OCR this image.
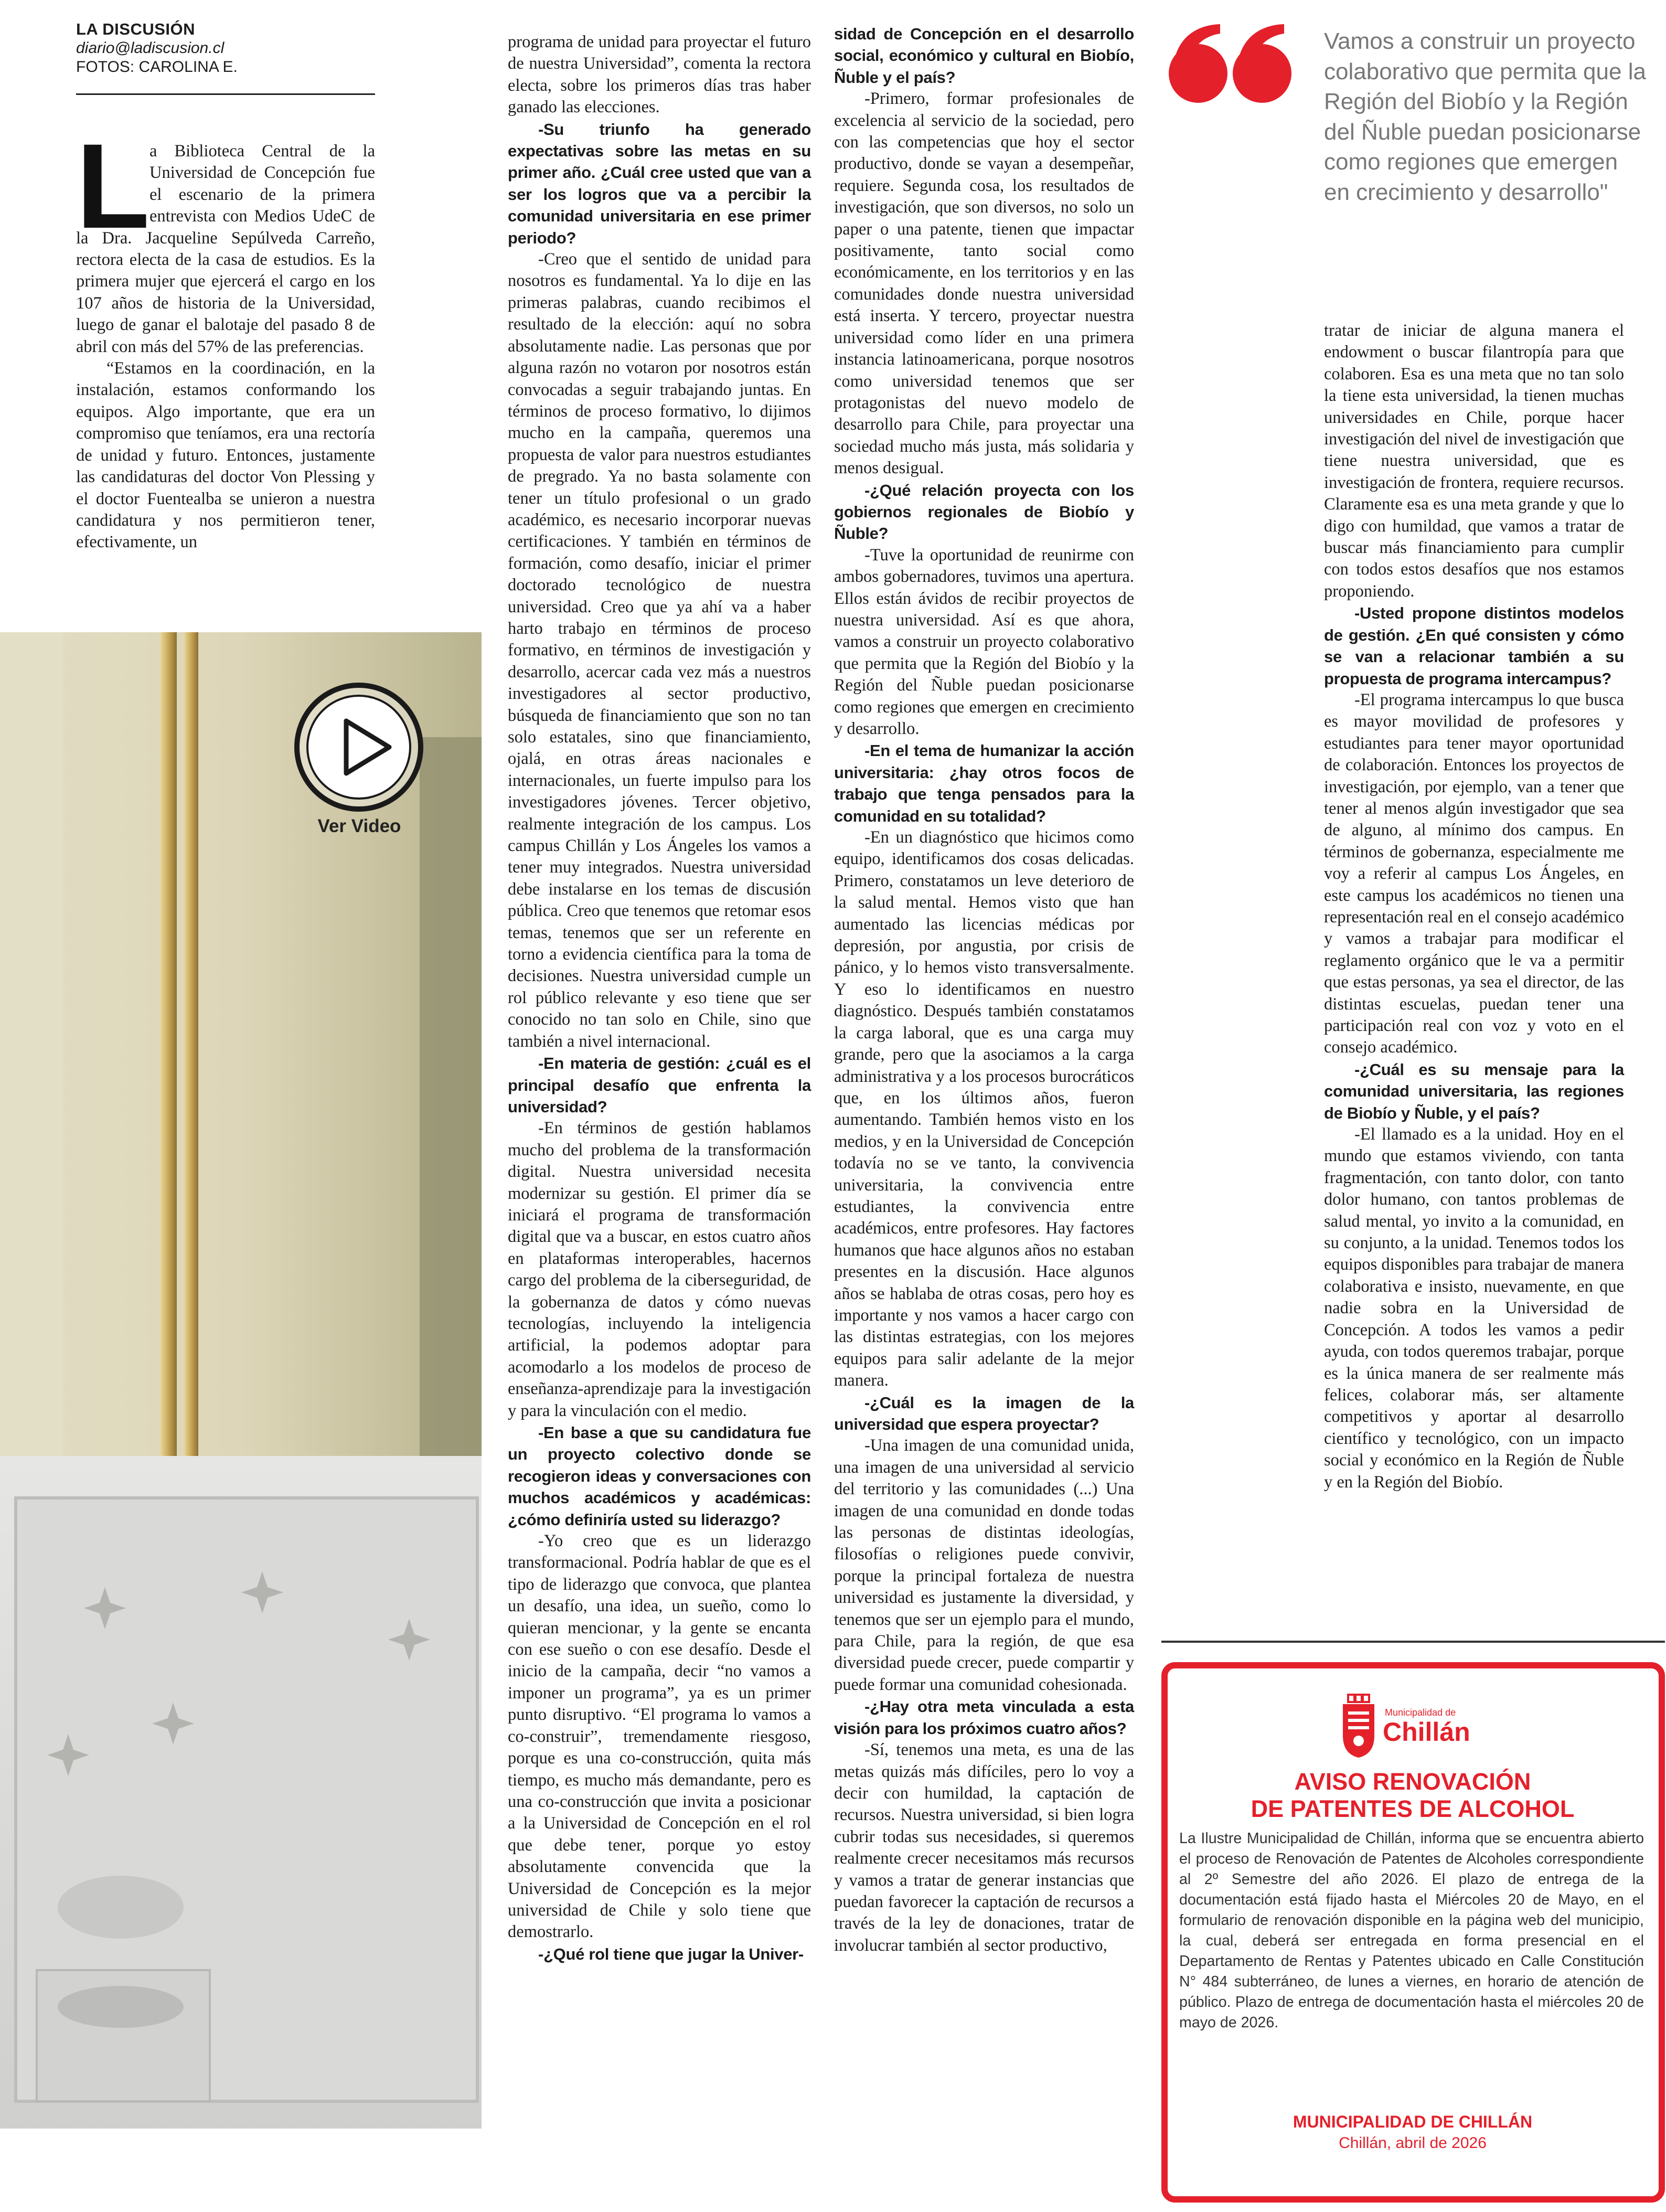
LA DISCUSIÓN
diario@ladiscusion.cl
FOTOS: CAROLINA E.
Ver Video
L a Biblioteca Central de la Universidad de Concepción fue el escenario de la primera entrevista con Medios UdeC de la Dra. Jacqueline Sepúlveda Carreño, rectora electa de la casa de estudios. Es la primera mujer que ejercerá el cargo en los 107 años de historia de la Universidad, luego de ganar el balotaje del pasado 8 de abril con más del 57% de las preferencias.

“Estamos en la coordinación, en la instalación, estamos conformando los equipos. Algo importante, que era un compromiso que teníamos, era una rectoría de unidad y futuro. Entonces, justamente las candidaturas del doctor Von Plessing y el doctor Fuentealba se unieron a nuestra candidatura y nos permitieron tener, efectivamente, un

programa de unidad para proyectar el futuro de nuestra Universidad”, comenta la rectora electa, sobre los primeros días tras haber ganado las elecciones.

-Su triunfo ha generado expectativas sobre las metas en su primer año. ¿Cuál cree usted que van a ser los logros que va a percibir la comunidad universitaria en ese primer periodo?

-Creo que el sentido de unidad para nosotros es fundamental. Ya lo dije en las primeras palabras, cuando recibimos el resultado de la elección: aquí no sobra absolutamente nadie. Las personas que por alguna razón no votaron por nosotros están convocadas a seguir trabajando juntas. En términos de proceso formativo, lo dijimos mucho en la campaña, queremos una propuesta de valor para nuestros estudiantes de pregrado. Ya no basta solamente con tener un título profesional o un grado académico, es necesario incorporar nuevas certificaciones. Y también en términos de formación, como desafío, iniciar el primer doctorado tecnológico de nuestra universidad. Creo que ya ahí va a haber harto trabajo en términos de proceso formativo, en términos de investigación y desarrollo, acercar cada vez más a nuestros investigadores al sector productivo, búsqueda de financiamiento que son no tan solo estatales, sino que financiamiento, ojalá, en otras áreas nacionales e internacionales, un fuerte impulso para los investigadores jóvenes. Tercer objetivo, realmente integración de los campus. Los campus Chillán y Los Ángeles los vamos a tener muy integrados. Nuestra universidad debe instalarse en los temas de discusión pública. Creo que tenemos que retomar esos temas, tenemos que ser un referente en torno a evidencia científica para la toma de decisiones. Nuestra universidad cumple un rol público relevante y eso tiene que ser conocido no tan solo en Chile, sino que también a nivel internacional.

-En materia de gestión: ¿cuál es el principal desafío que enfrenta la universidad?

-En términos de gestión hablamos mucho del problema de la transformación digital. Nuestra universidad necesita modernizar su gestión. El primer día se iniciará el programa de transformación digital que va a buscar, en estos cuatro años en plataformas interoperables, hacernos cargo del problema de la ciberseguridad, de la gobernanza de datos y cómo nuevas tecnologías, incluyendo la inteligencia artificial, la podemos adoptar para acomodarlo a los modelos de proceso de enseñanza-aprendizaje para la investigación y para la vinculación con el medio.

-En base a que su candidatura fue un proyecto colectivo donde se recogieron ideas y conversaciones con muchos académicos y académicas: ¿cómo definiría usted su liderazgo?

-Yo creo que es un liderazgo transformacional. Podría hablar de que es el tipo de liderazgo que convoca, que plantea un desafío, una idea, un sueño, como lo quieran mencionar, y la gente se encanta con ese sueño o con ese desafío. Desde el inicio de la campaña, decir “no vamos a imponer un programa”, ya es un primer punto disruptivo. “El programa lo vamos a co-construir”, tremendamente riesgoso, porque es una co-construcción, quita más tiempo, es mucho más demandante, pero es una co-construcción que invita a posicionar a la Universidad de Concepción en el rol que debe tener, porque yo estoy absolutamente convencida que la Universidad de Concepción es la mejor universidad de Chile y solo tiene que demostrarlo.

-¿Qué rol tiene que jugar la Univer-

sidad de Concepción en el desarrollo social, económico y cultural en Biobío, Ñuble y el país?

-Primero, formar profesionales de excelencia al servicio de la sociedad, pero con las competencias que hoy el sector productivo, donde se vayan a desempeñar, requiere. Segunda cosa, los resultados de investigación, que son diversos, no solo un paper o una patente, tienen que impactar positivamente, tanto social como económicamente, en los territorios y en las comunidades donde nuestra universidad está inserta. Y tercero, proyectar nuestra universidad como líder en una primera instancia latinoamericana, porque nosotros como universidad tenemos que ser protagonistas del nuevo modelo de desarrollo para Chile, para proyectar una sociedad mucho más justa, más solidaria y menos desigual.

-¿Qué relación proyecta con los gobiernos regionales de Biobío y Ñuble?

-Tuve la oportunidad de reunirme con ambos gobernadores, tuvimos una apertura. Ellos están ávidos de recibir proyectos de nuestra universidad. Así es que ahora, vamos a construir un proyecto colaborativo que permita que la Región del Biobío y la Región del Ñuble puedan posicionarse como regiones que emergen en crecimiento y desarrollo.

-En el tema de humanizar la acción universitaria: ¿hay otros focos de trabajo que tenga pensados para la comunidad en su totalidad?

-En un diagnóstico que hicimos como equipo, identificamos dos cosas delicadas. Primero, constatamos un leve deterioro de la salud mental. Hemos visto que han aumentado las licencias médicas por depresión, por angustia, por crisis de pánico, y lo hemos visto transversalmente. Y eso lo identificamos en nuestro diagnóstico. Después también constatamos la carga laboral, que es una carga muy grande, pero que la asociamos a la carga administrativa y a los procesos burocráticos que, en los últimos años, fueron aumentando. También hemos visto en los medios, y en la Universidad de Concepción todavía no se ve tanto, la convivencia universitaria, la convivencia entre estudiantes, la convivencia entre académicos, entre profesores. Hay factores humanos que hace algunos años no estaban presentes en la discusión. Hace algunos años se hablaba de otras cosas, pero hoy es importante y nos vamos a hacer cargo con las distintas estrategias, con los mejores equipos para salir adelante de la mejor manera.

-¿Cuál es la imagen de la universidad que espera proyectar?

-Una imagen de una comunidad unida, una imagen de una universidad al servicio del territorio y las comunidades (...) Una imagen de una comunidad en donde todas las personas de distintas ideologías, filosofías o religiones puede convivir, porque la principal fortaleza de nuestra universidad es justamente la diversidad, y tenemos que ser un ejemplo para el mundo, para Chile, para la región, de que esa diversidad puede crecer, puede compartir y puede formar una comunidad cohesionada.

-¿Hay otra meta vinculada a esta visión para los próximos cuatro años?

-Sí, tenemos una meta, es una de las metas quizás más difíciles, pero lo voy a decir con humildad, la captación de recursos. Nuestra universidad, si bien logra cubrir todas sus necesidades, si queremos realmente crecer necesitamos más recursos y vamos a tratar de generar instancias que puedan favorecer la captación de recursos a través de la ley de donaciones, tratar de involucrar también al sector productivo,

Vamos a construir un proyecto colaborativo que permita que la Región del Biobío y la Región del Ñuble puedan posicionarse como regiones que emergen en crecimiento y desarrollo"

tratar de iniciar de alguna manera el endowment o buscar filantropía para que colaboren. Esa es una meta que no tan solo la tiene esta universidad, la tienen muchas universidades en Chile, porque hacer investigación del nivel de investigación que tiene nuestra universidad, que es investigación de frontera, requiere recursos. Claramente esa es una meta grande y que lo digo con humildad, que vamos a tratar de buscar más financiamiento para cumplir con todos estos desafíos que nos estamos proponiendo.

-Usted propone distintos modelos de gestión. ¿En qué consisten y cómo se van a relacionar también a su propuesta de programa intercampus?

-El programa intercampus lo que busca es mayor movilidad de profesores y estudiantes para tener mayor oportunidad de colaboración. Entonces los proyectos de investigación, por ejemplo, van a tener que tener al menos algún investigador que sea de alguno, al mínimo dos campus. En términos de gobernanza, especialmente me voy a referir al campus Los Ángeles, en este campus los académicos no tienen una representación real en el consejo académico y vamos a trabajar para modificar el reglamento orgánico que le va a permitir que estas personas, ya sea el director, de las distintas escuelas, puedan tener una participación real con voz y voto en el consejo académico.

-¿Cuál es su mensaje para la comunidad universitaria, las regiones de Biobío y Ñuble, y el país?

-El llamado es a la unidad. Hoy en el mundo que estamos viviendo, con tanta fragmentación, con tanto dolor, con tanto dolor humano, con tantos problemas de salud mental, yo invito a la comunidad, en su conjunto, a la unidad. Tenemos todos los equipos disponibles para trabajar de manera colaborativa e insisto, nuevamente, en que nadie sobra en la Universidad de Concepción. A todos les vamos a pedir ayuda, con todos queremos trabajar, porque es la única manera de ser realmente más felices, colaborar más, ser altamente competitivos y aportar al desarrollo científico y tecnológico, con un impacto social y económico en la Región de Ñuble y en la Región del Biobío.

Municipalidad de
Chillán
AVISO RENOVACIÓN
DE PATENTES DE ALCOHOL
La Ilustre Municipalidad de Chillán, informa que se encuentra abierto el proceso de Renovación de Patentes de Alcoholes correspondiente al 2º Semestre del año 2026. El plazo de entrega de la documentación está fijado hasta el Miércoles 20 de Mayo, en el formulario de renovación disponible en la página web del municipio, la cual, deberá ser entregada en forma presencial en el Departamento de Rentas y Patentes ubicado en Calle Constitución N° 484 subterráneo, de lunes a viernes, en horario de atención de público. Plazo de entrega de documentación hasta el miércoles 20 de mayo de 2026.
MUNICIPALIDAD DE CHILLÁN
Chillán, abril de 2026
